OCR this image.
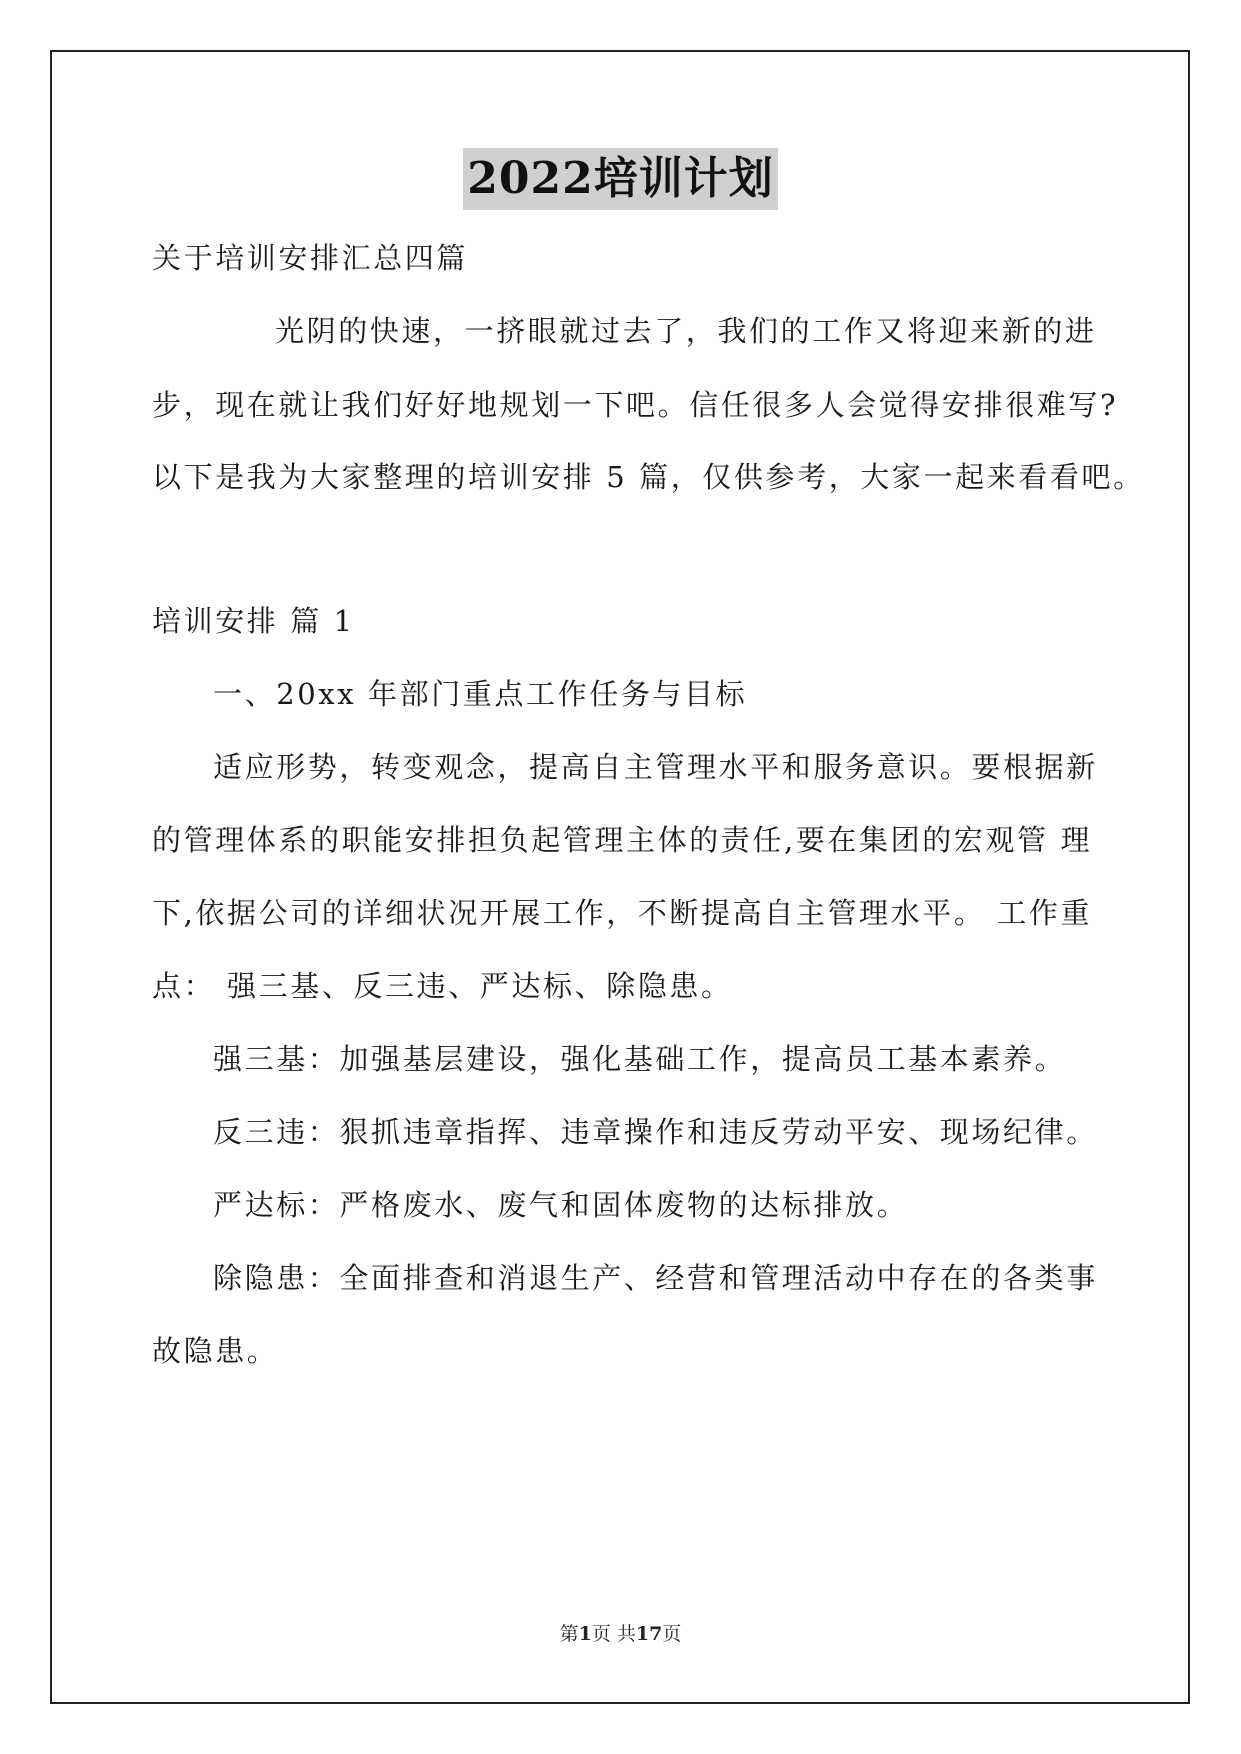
2022培训计划
关于培训安排汇总四篇
光阴的快速，一挤眼就过去了，我们的工作又将迎来新的进
步，现在就让我们好好地规划一下吧。信任很多人会觉得安排很难写?
以下是我为大家整理的培训安排 5 篇，仅供参考，大家一起来看看吧。
培训安排 篇 1
一、20xx 年部门重点工作任务与目标
适应形势，转变观念，提高自主管理水平和服务意识。要根据新
的管理体系的职能安排担负起管理主体的责任,要在集团的宏观管 理
下,依据公司的详细状况开展工作，不断提高自主管理水平。 工作重
点： 强三基、反三违、严达标、除隐患。
强三基：加强基层建设，强化基础工作，提高员工基本素养。
反三违：狠抓违章指挥、违章操作和违反劳动平安、现场纪律。
严达标：严格废水、废气和固体废物的达标排放。
除隐患：全面排查和消退生产、经营和管理活动中存在的各类事
故隐患。
第1页 共17页
